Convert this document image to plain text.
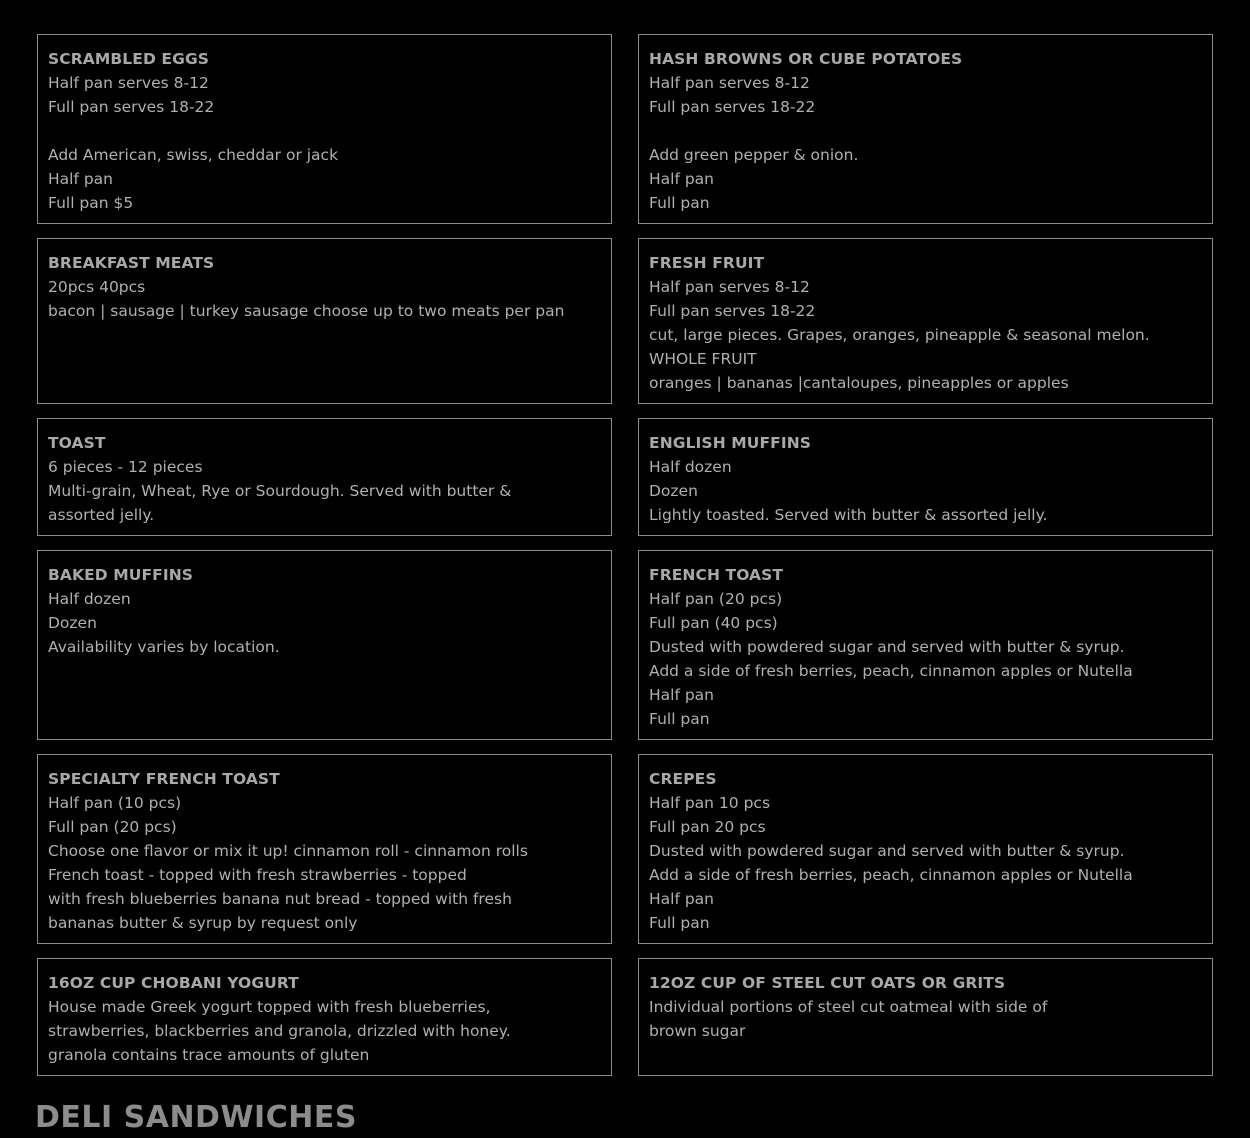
SCRAMBLED EGGS
Half pan serves 8-12
Full pan serves 18-22
Add American, swiss, cheddar or jack
Half pan
Full pan $5
HASH BROWNS OR CUBE POTATOES
Half pan serves 8-12
Full pan serves 18-22
Add green pepper & onion.
Half pan
Full pan
BREAKFAST MEATS
20pcs 40pcs
bacon | sausage | turkey sausage choose up to two meats per pan
FRESH FRUIT
Half pan serves 8-12
Full pan serves 18-22
cut, large pieces. Grapes, oranges, pineapple & seasonal melon.
WHOLE FRUIT
oranges | bananas |cantaloupes, pineapples or apples
TOAST
6 pieces - 12 pieces
Multi-grain, Wheat, Rye or Sourdough. Served with butter &
assorted jelly.
ENGLISH MUFFINS
Half dozen
Dozen
Lightly toasted. Served with butter & assorted jelly.
BAKED MUFFINS
Half dozen
Dozen
Availability varies by location.
FRENCH TOAST
Half pan (20 pcs)
Full pan (40 pcs)
Dusted with powdered sugar and served with butter & syrup.
Add a side of fresh berries, peach, cinnamon apples or Nutella
Half pan
Full pan
SPECIALTY FRENCH TOAST
Half pan (10 pcs)
Full pan (20 pcs)
Choose one flavor or mix it up! cinnamon roll - cinnamon rolls
French toast - topped with fresh strawberries - topped
with fresh blueberries banana nut bread - topped with fresh
bananas butter & syrup by request only
CREPES
Half pan 10 pcs
Full pan 20 pcs
Dusted with powdered sugar and served with butter & syrup.
Add a side of fresh berries, peach, cinnamon apples or Nutella
Half pan
Full pan
16OZ CUP CHOBANI YOGURT
House made Greek yogurt topped with fresh blueberries,
strawberries, blackberries and granola, drizzled with honey.
granola contains trace amounts of gluten
12OZ CUP OF STEEL CUT OATS OR GRITS
Individual portions of steel cut oatmeal with side of
brown sugar
DELI SANDWICHES
